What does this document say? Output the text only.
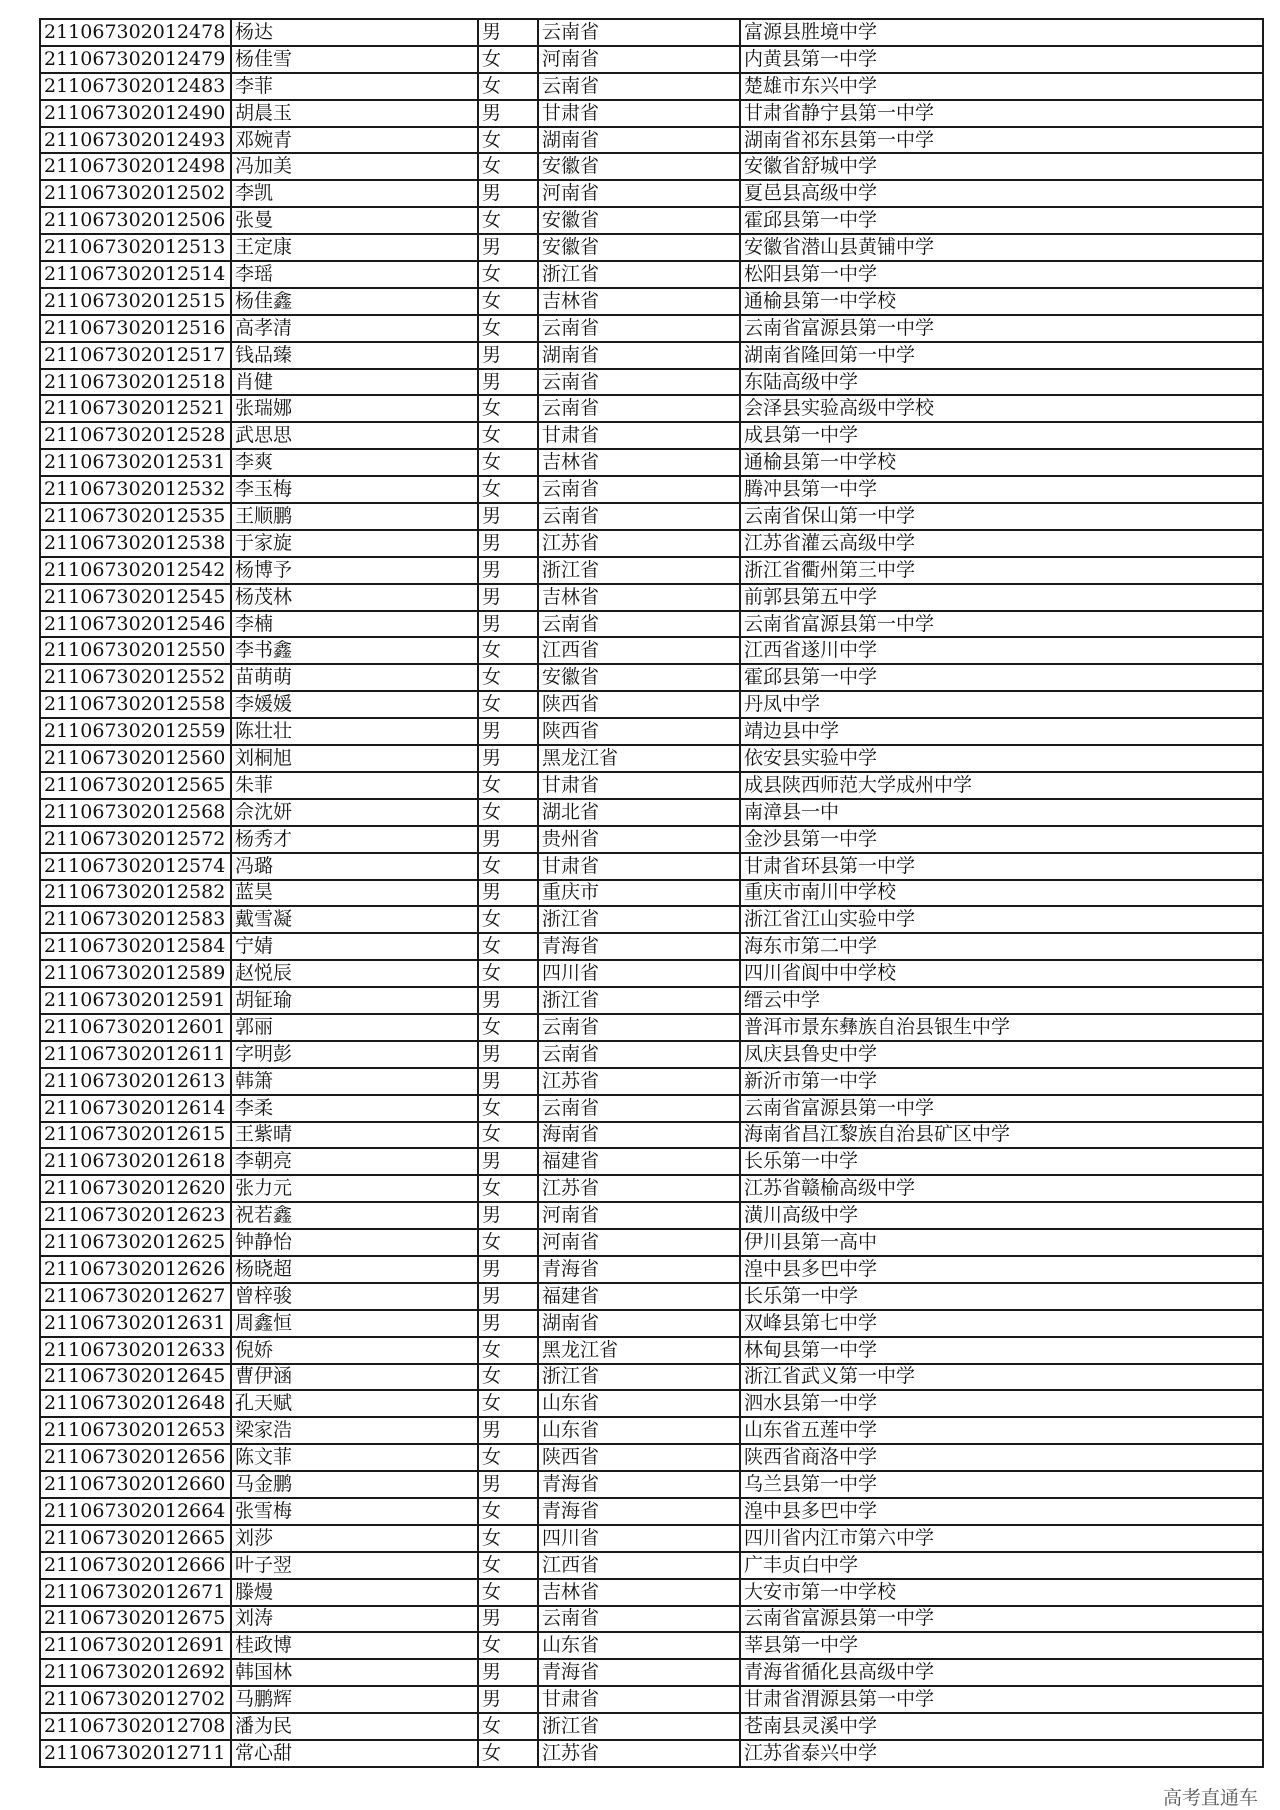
211067302012478	杨达	男	云南省	富源县胜境中学
211067302012479	杨佳雪	女	河南省	内黄县第一中学
211067302012483	李菲	女	云南省	楚雄市东兴中学
211067302012490	胡晨玉	男	甘肃省	甘肃省静宁县第一中学
211067302012493	邓婉青	女	湖南省	湖南省祁东县第一中学
211067302012498	冯加美	女	安徽省	安徽省舒城中学
211067302012502	李凯	男	河南省	夏邑县高级中学
211067302012506	张曼	女	安徽省	霍邱县第一中学
211067302012513	王定康	男	安徽省	安徽省潜山县黄铺中学
211067302012514	李瑶	女	浙江省	松阳县第一中学
211067302012515	杨佳鑫	女	吉林省	通榆县第一中学校
211067302012516	高孝清	女	云南省	云南省富源县第一中学
211067302012517	钱品臻	男	湖南省	湖南省隆回第一中学
211067302012518	肖健	男	云南省	东陆高级中学
211067302012521	张瑞娜	女	云南省	会泽县实验高级中学校
211067302012528	武思思	女	甘肃省	成县第一中学
211067302012531	李爽	女	吉林省	通榆县第一中学校
211067302012532	李玉梅	女	云南省	腾冲县第一中学
211067302012535	王顺鹏	男	云南省	云南省保山第一中学
211067302012538	于家旋	男	江苏省	江苏省灌云高级中学
211067302012542	杨博予	男	浙江省	浙江省衢州第三中学
211067302012545	杨茂林	男	吉林省	前郭县第五中学
211067302012546	李楠	男	云南省	云南省富源县第一中学
211067302012550	李书鑫	女	江西省	江西省遂川中学
211067302012552	苗萌萌	女	安徽省	霍邱县第一中学
211067302012558	李媛媛	女	陕西省	丹凤中学
211067302012559	陈壮壮	男	陕西省	靖边县中学
211067302012560	刘桐旭	男	黑龙江省	依安县实验中学
211067302012565	朱菲	女	甘肃省	成县陕西师范大学成州中学
211067302012568	佘沈妍	女	湖北省	南漳县一中
211067302012572	杨秀才	男	贵州省	金沙县第一中学
211067302012574	冯璐	女	甘肃省	甘肃省环县第一中学
211067302012582	蓝昊	男	重庆市	重庆市南川中学校
211067302012583	戴雪凝	女	浙江省	浙江省江山实验中学
211067302012584	宁婧	女	青海省	海东市第二中学
211067302012589	赵悦辰	女	四川省	四川省阆中中学校
211067302012591	胡钲瑜	男	浙江省	缙云中学
211067302012601	郭丽	女	云南省	普洱市景东彝族自治县银生中学
211067302012611	字明彭	男	云南省	凤庆县鲁史中学
211067302012613	韩箫	男	江苏省	新沂市第一中学
211067302012614	李柔	女	云南省	云南省富源县第一中学
211067302012615	王紫晴	女	海南省	海南省昌江黎族自治县矿区中学
211067302012618	李朝亮	男	福建省	长乐第一中学
211067302012620	张力元	女	江苏省	江苏省赣榆高级中学
211067302012623	祝若鑫	男	河南省	潢川高级中学
211067302012625	钟静怡	女	河南省	伊川县第一高中
211067302012626	杨晓超	男	青海省	湟中县多巴中学
211067302012627	曾梓骏	男	福建省	长乐第一中学
211067302012631	周鑫恒	男	湖南省	双峰县第七中学
211067302012633	倪娇	女	黑龙江省	林甸县第一中学
211067302012645	曹伊涵	女	浙江省	浙江省武义第一中学
211067302012648	孔天赋	女	山东省	泗水县第一中学
211067302012653	梁家浩	男	山东省	山东省五莲中学
211067302012656	陈文菲	女	陕西省	陕西省商洛中学
211067302012660	马金鹏	男	青海省	乌兰县第一中学
211067302012664	张雪梅	女	青海省	湟中县多巴中学
211067302012665	刘莎	女	四川省	四川省内江市第六中学
211067302012666	叶子翌	女	江西省	广丰贞白中学
211067302012671	滕熳	女	吉林省	大安市第一中学校
211067302012675	刘涛	男	云南省	云南省富源县第一中学
211067302012691	桂政博	女	山东省	莘县第一中学
211067302012692	韩国林	男	青海省	青海省循化县高级中学
211067302012702	马鹏辉	男	甘肃省	甘肃省渭源县第一中学
211067302012708	潘为民	女	浙江省	苍南县灵溪中学
211067302012711	常心甜	女	江苏省	江苏省泰兴中学
高考直通车
